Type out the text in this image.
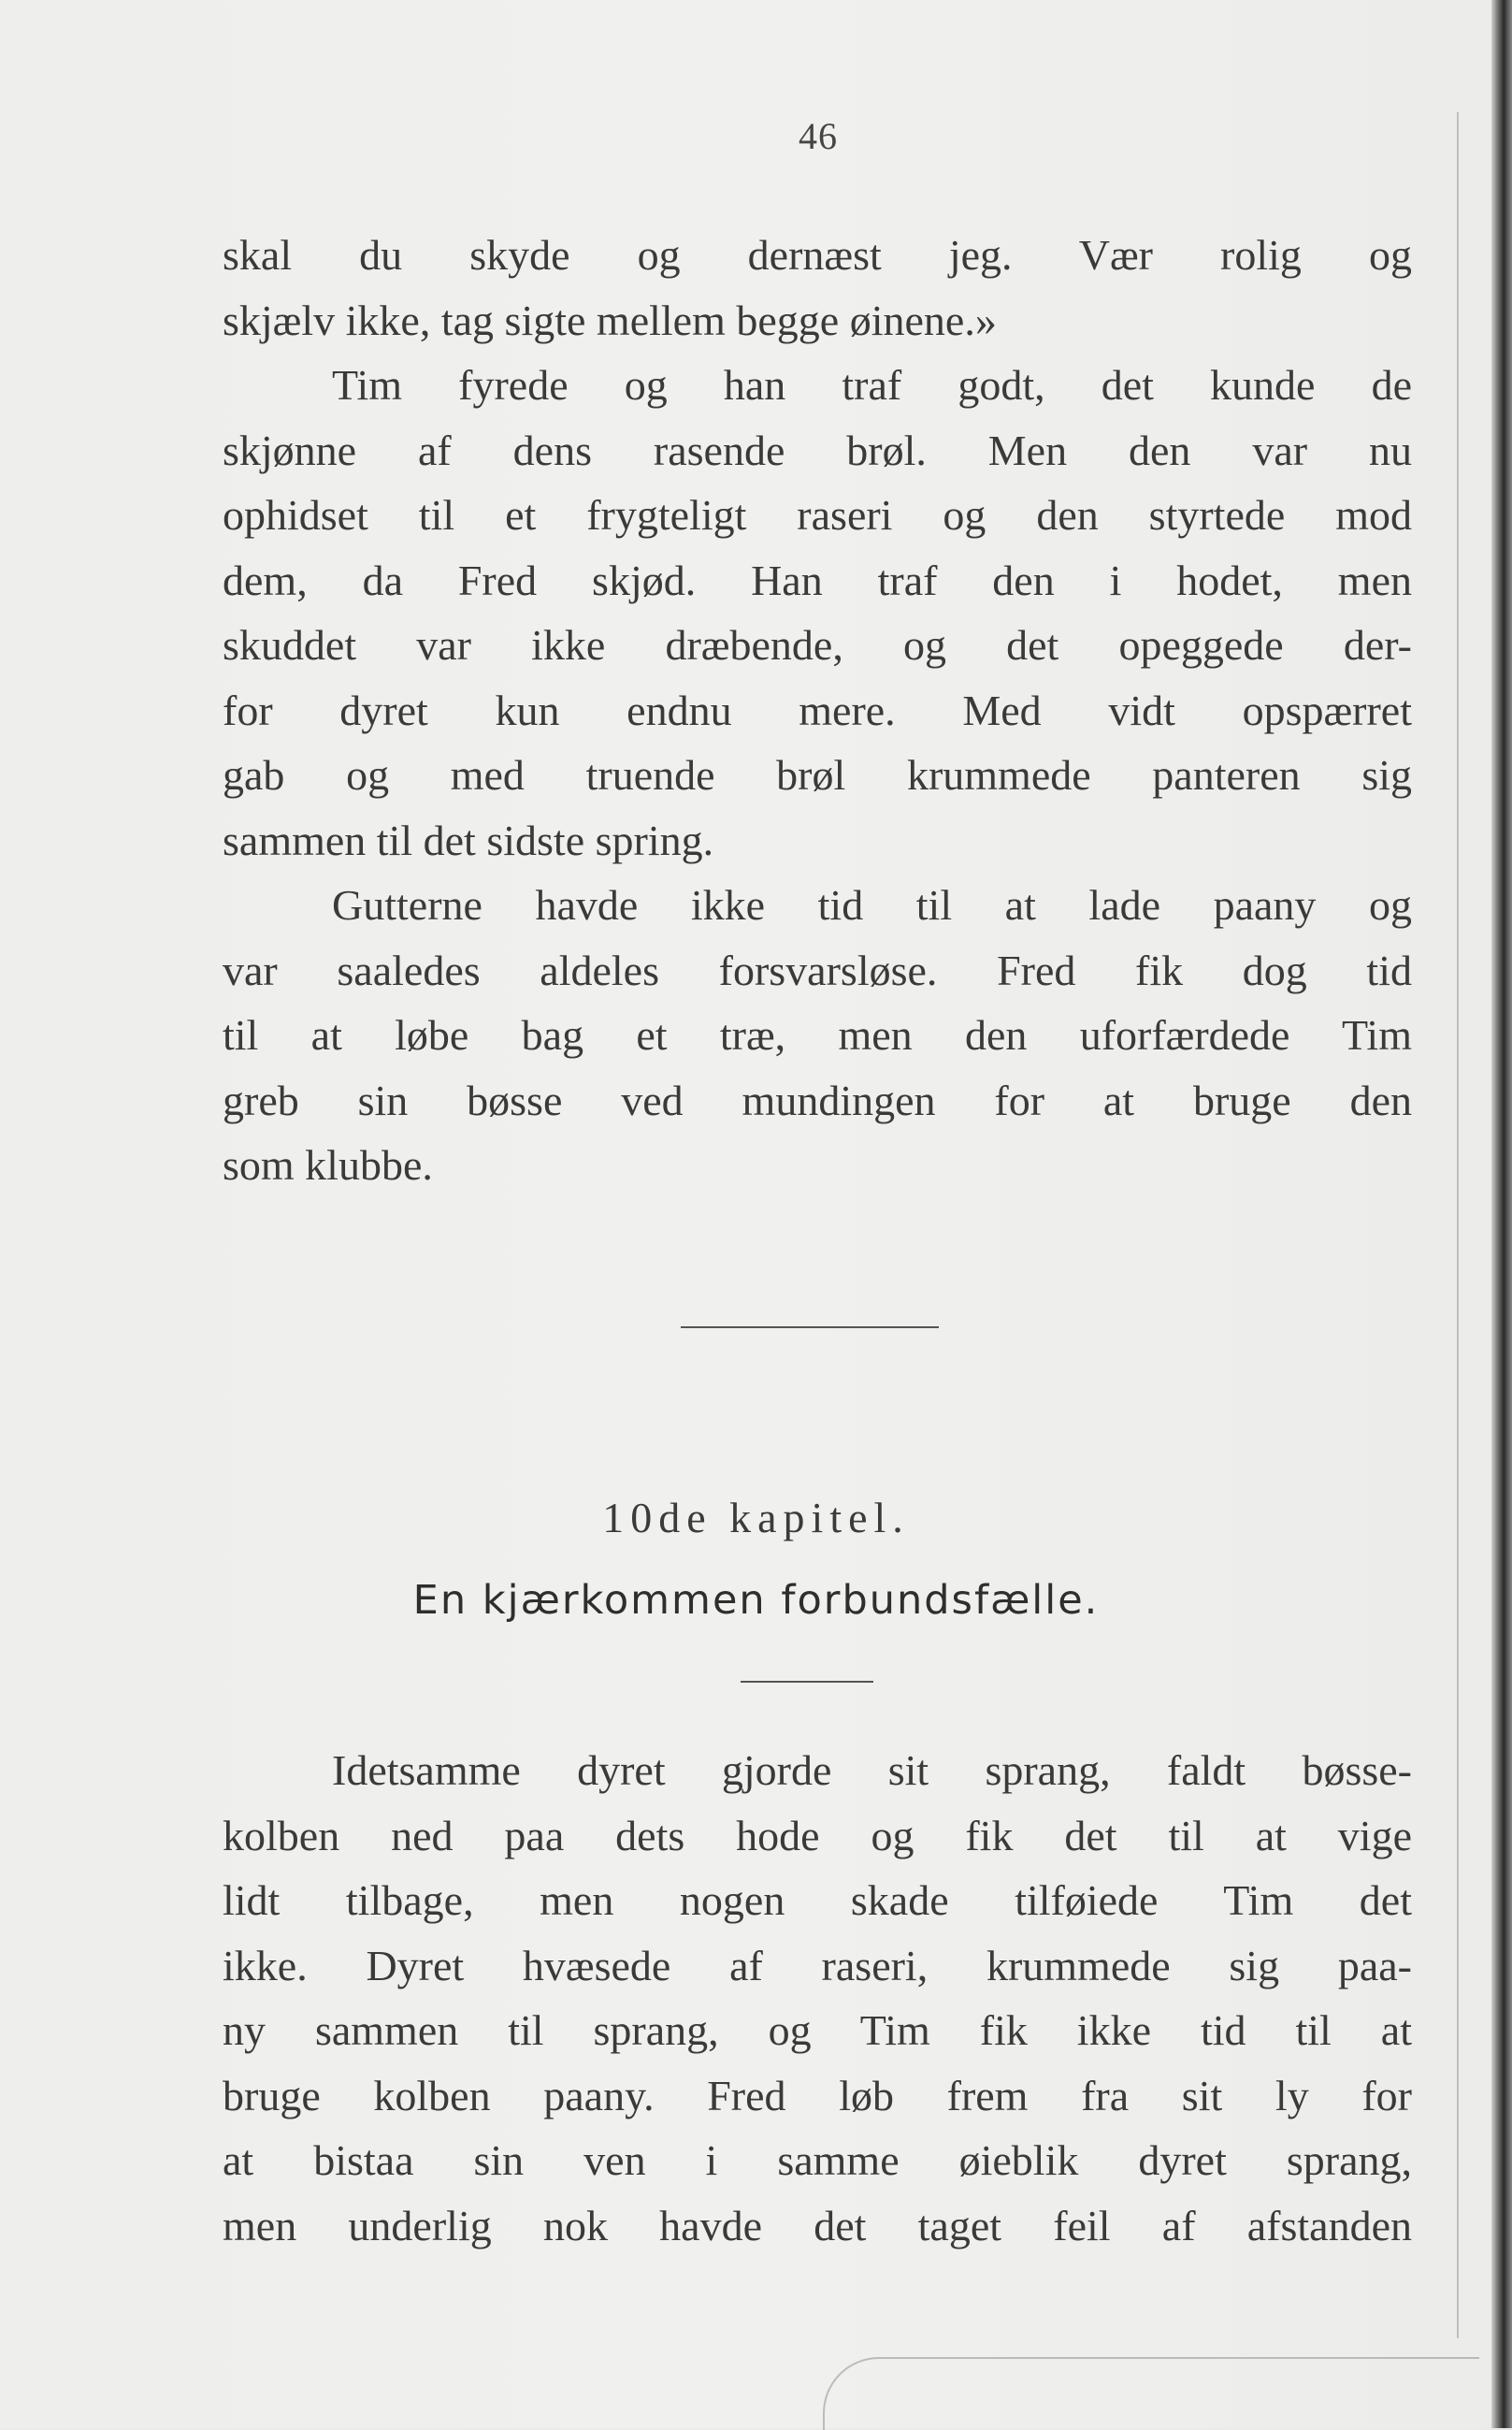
46
skal du skyde og dernæst jeg. Vær rolig og
skjælv ikke, tag sigte mellem begge øinene.»
Tim fyrede og han traf godt, det kunde de
skjønne af dens rasende brøl. Men den var nu
ophidset til et frygteligt raseri og den styrtede mod
dem, da Fred skjød. Han traf den i hodet, men
skuddet var ikke dræbende, og det opeggede der-
for dyret kun endnu mere. Med vidt opspærret
gab og med truende brøl krummede panteren sig
sammen til det sidste spring.
Gutterne havde ikke tid til at lade paany og
var saaledes aldeles forsvarsløse. Fred fik dog tid
til at løbe bag et træ, men den uforfærdede Tim
greb sin bøsse ved mundingen for at bruge den
som klubbe.
10de kapitel.
En kjærkommen forbundsfælle.
Idetsamme dyret gjorde sit sprang, faldt bøsse-
kolben ned paa dets hode og fik det til at vige
lidt tilbage, men nogen skade tilføiede Tim det
ikke. Dyret hvæsede af raseri, krummede sig paa-
ny sammen til sprang, og Tim fik ikke tid til at
bruge kolben paany. Fred løb frem fra sit ly for
at bistaa sin ven i samme øieblik dyret sprang,
men underlig nok havde det taget feil af afstanden
